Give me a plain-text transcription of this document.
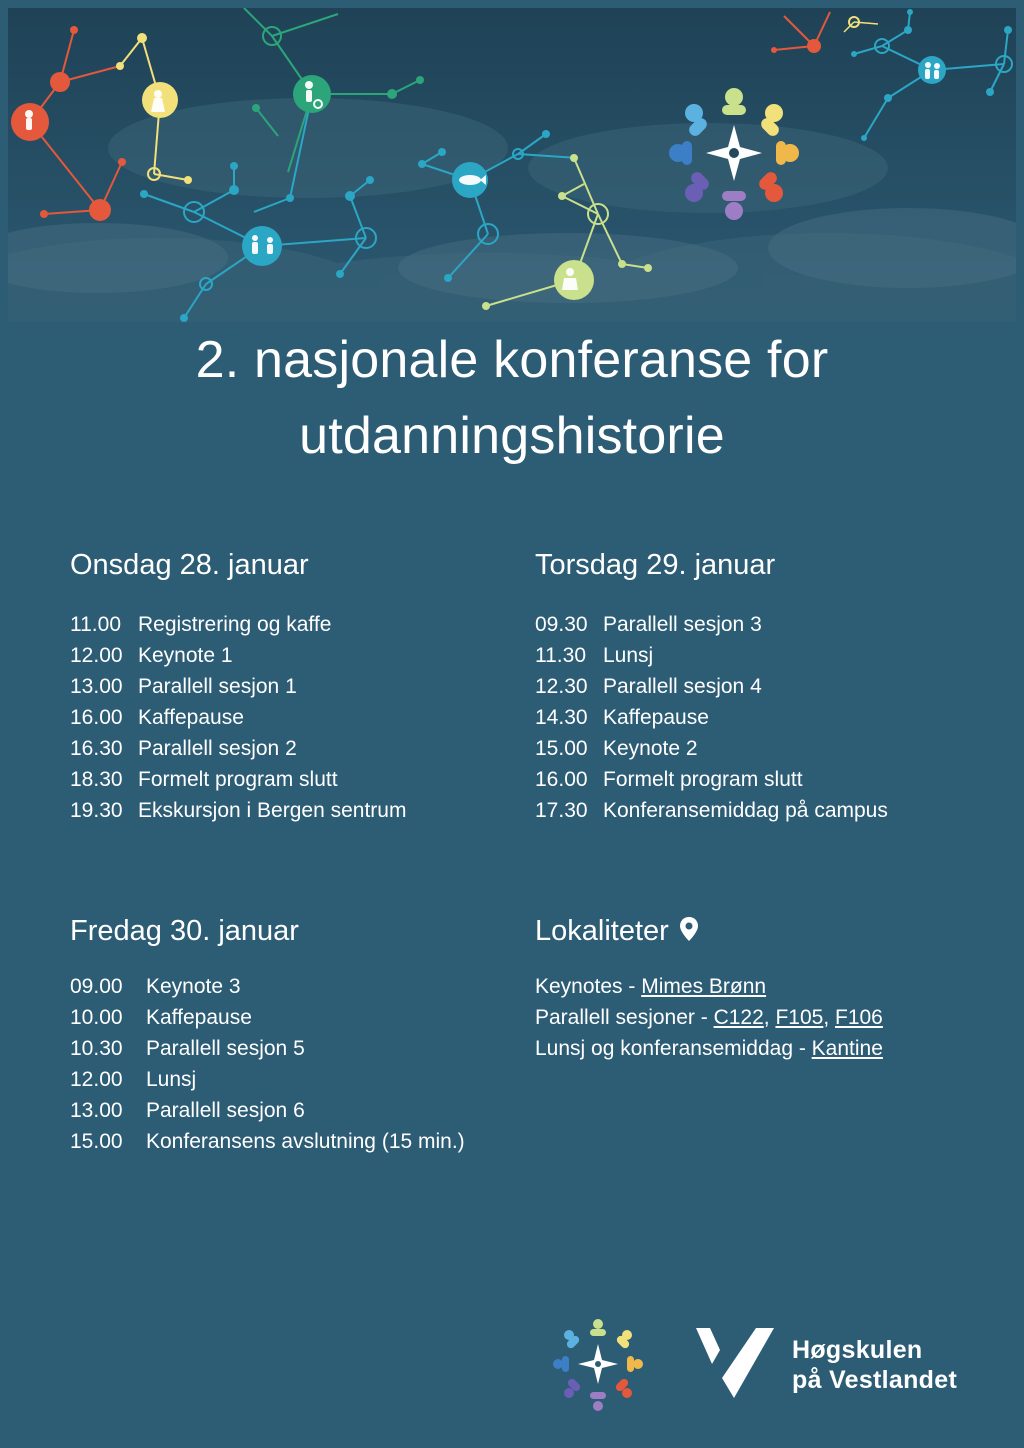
2. nasjonale konferanse for
utdanningshistorie
Onsdag 28. januar
11.00 Registrering og kaffe
12.00 Keynote 1
13.00 Parallell sesjon 1
16.00 Kaffepause
16.30 Parallell sesjon 2
18.30 Formelt program slutt
19.30 Ekskursjon i Bergen sentrum
Torsdag 29. januar
09.30 Parallell sesjon 3
11.30 Lunsj
12.30 Parallell sesjon 4
14.30 Kaffepause
15.00 Keynote 2
16.00 Formelt program slutt
17.30 Konferansemiddag på campus
Fredag 30. januar
09.00 Keynote 3
10.00 Kaffepause
10.30 Parallell sesjon 5
12.00 Lunsj
13.00 Parallell sesjon 6
15.00 Konferansens avslutning (15 min.)
Lokaliteter
Keynotes - Mimes Brønn
Parallell sesjoner - C122, F105, F106
Lunsj og konferansemiddag - Kantine
Høgskulen
på Vestlandet
